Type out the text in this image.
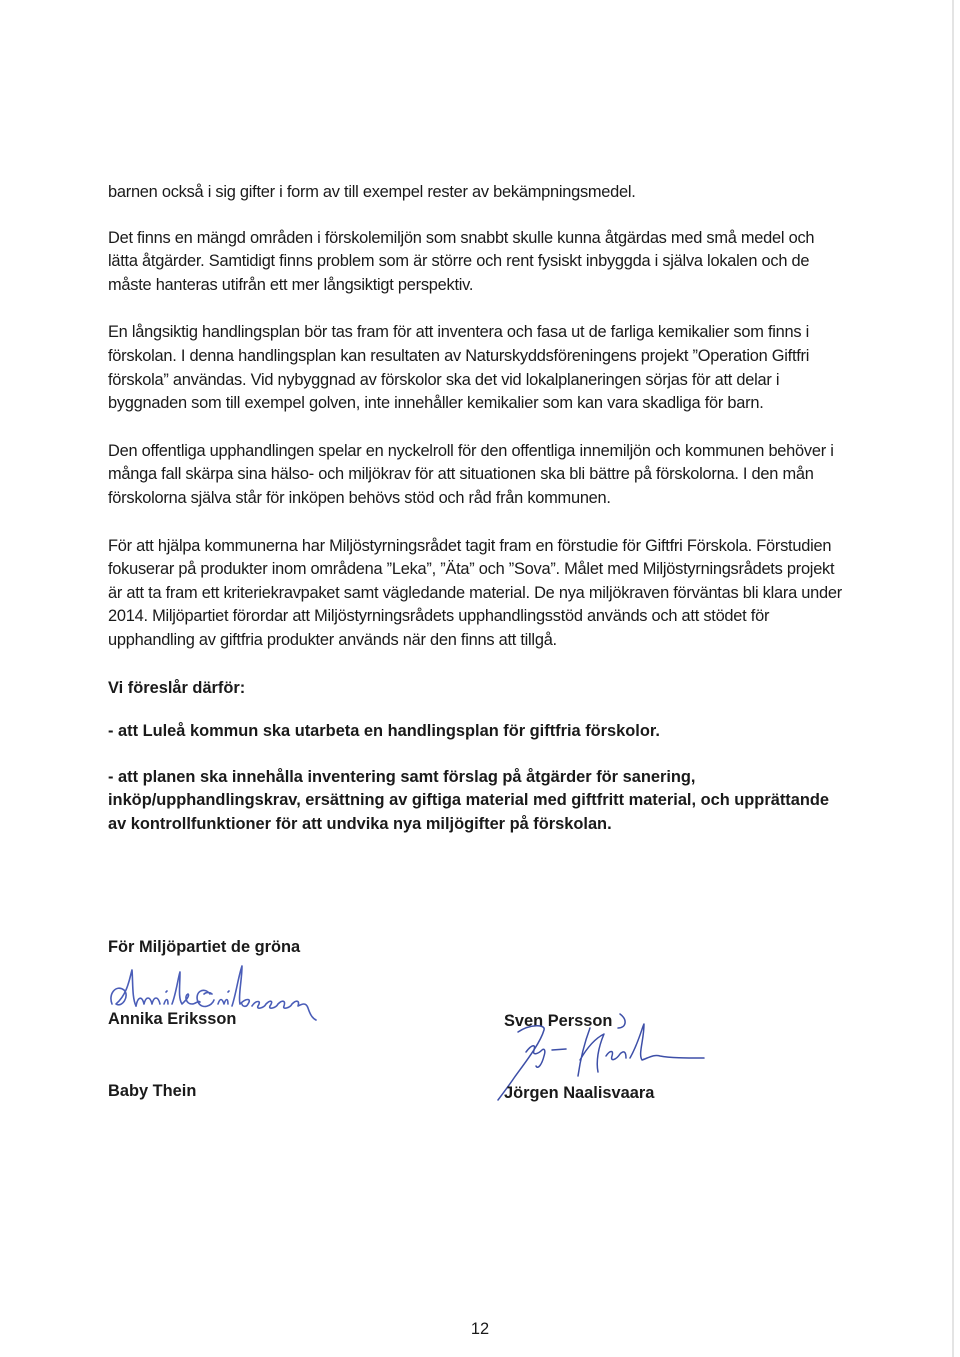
barnen också i sig gifter i form av till exempel rester av bekämpningsmedel.

Det finns en mängd områden i förskolemiljön som snabbt skulle kunna åtgärdas med små medel och lätta åtgärder. Samtidigt finns problem som är större och rent fysiskt inbyggda i själva lokalen och de måste hanteras utifrån ett mer långsiktigt perspektiv.

En långsiktig handlingsplan bör tas fram för att inventera och fasa ut de farliga kemikalier som finns i förskolan. I denna handlingsplan kan resultaten av Naturskyddsföreningens projekt ”Operation Giftfri förskola” användas. Vid nybyggnad av förskolor ska det vid lokalplaneringen sörjas för att delar i byggnaden som till exempel golven, inte innehåller kemikalier som kan vara skadliga för barn.

Den offentliga upphandlingen spelar en nyckelroll för den offentliga innemiljön och kommunen behöver i många fall skärpa sina hälso- och miljökrav för att situationen ska bli bättre på förskolorna. I den mån förskolorna själva står för inköpen behövs stöd och råd från kommunen.

För att hjälpa kommunerna har Miljöstyrningsrådet tagit fram en förstudie för Giftfri Förskola. Förstudien fokuserar på produkter inom områdena ”Leka”, ”Äta” och ”Sova”. Målet med Miljöstyrningsrådets projekt är att ta fram ett kriteriekravpaket samt vägledande material. De nya miljökraven förväntas bli klara under 2014. Miljöpartiet förordar att Miljöstyrningsrådets upphandlingsstöd används och att stödet för upphandling av giftfria produkter används när den finns att tillgå.

Vi föreslår därför:

- att Luleå kommun ska utarbeta en handlingsplan för giftfria förskolor.

- att planen ska innehålla inventering samt förslag på åtgärder för sanering, inköp/upphandlingskrav, ersättning av giftiga material med giftfritt material, och upprättande av kontrollfunktioner för att undvika nya miljögifter på förskolan.

För Miljöpartiet de gröna
Annika Eriksson	Sven Persson
Baby Thein	Jörgen Naalisvaara
12
